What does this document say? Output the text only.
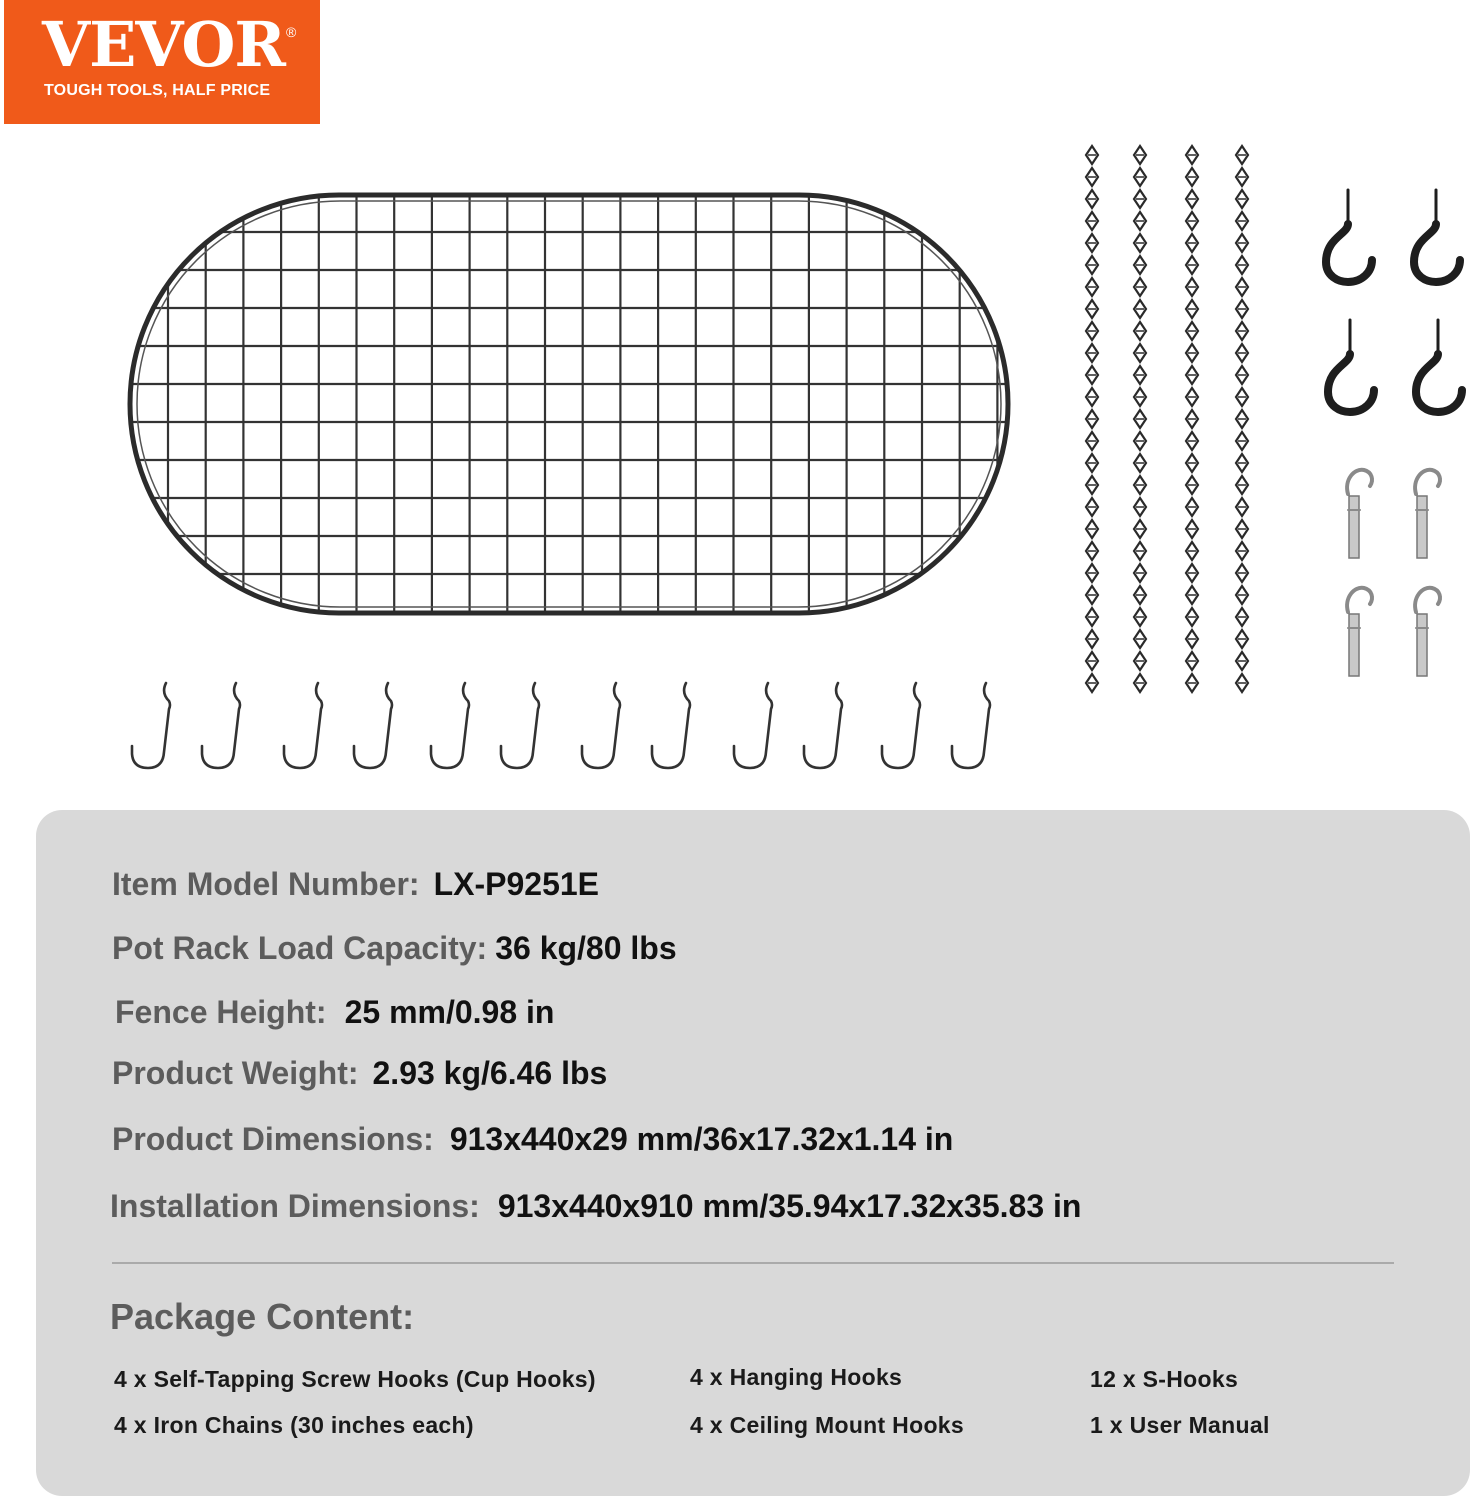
VEVOR ®
TOUGH TOOLS, HALF PRICE
Item Model Number: LX-P9251E
Pot Rack Load Capacity: 36 kg/80 lbs
Fence Height: 25 mm/0.98 in
Product Weight: 2.93 kg/6.46 lbs
Product Dimensions: 913x440x29 mm/36x17.32x1.14 in
Installation Dimensions: 913x440x910 mm/35.94x17.32x35.83 in
Package Content:
4 x Self-Tapping Screw Hooks (Cup Hooks)	4 x Hanging Hooks	12 x S-Hooks
4 x Iron Chains (30 inches each)	4 x Ceiling Mount Hooks	1 x User Manual
